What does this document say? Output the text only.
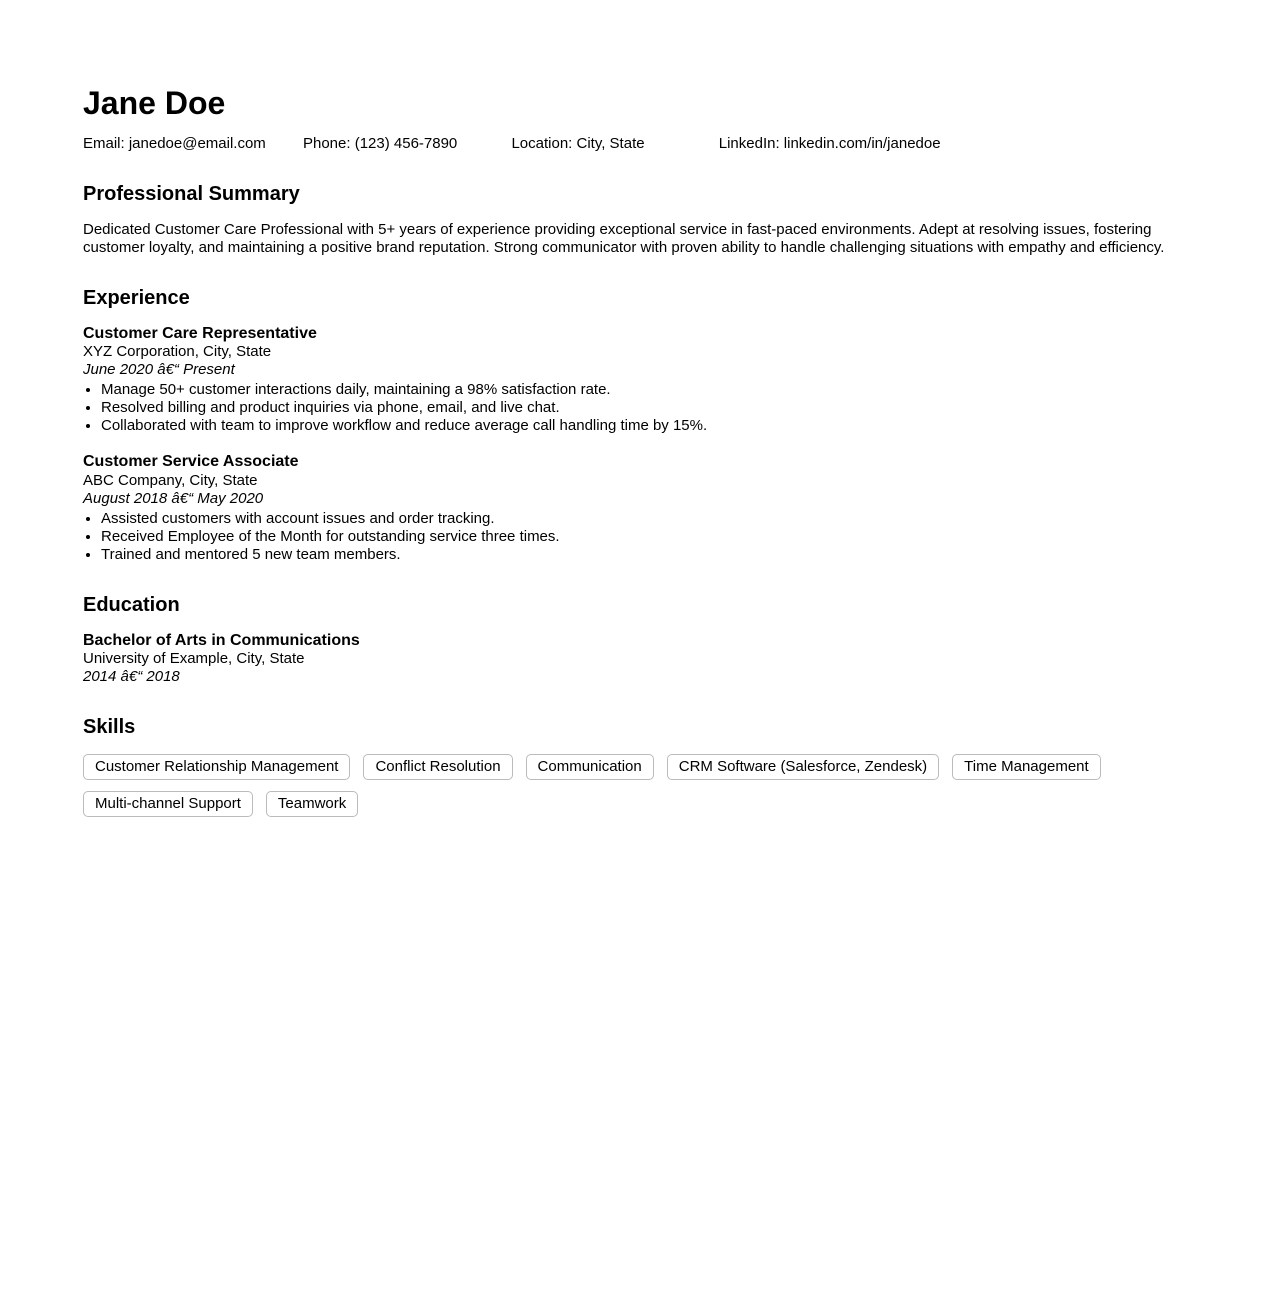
Jane Doe
Email: janedoe@email.com Phone: (123) 456-7890	Location: City, State	LinkedIn: linkedin.com/in/janedoe
Professional Summary

Dedicated Customer Care Professional with 5+ years of experience providing exceptional service in fast-paced environments. Adept at resolving issues, fostering customer loyalty, and maintaining a positive brand reputation. Strong communicator with proven ability to handle challenging situations with empathy and efficiency.

Experience
Customer Care Representative
XYZ Corporation, City, State
June 2020 â€“ Present
• Manage 50+ customer interactions daily, maintaining a 98% satisfaction rate.
• Resolved billing and product inquiries via phone, email, and live chat.
• Collaborated with team to improve workflow and reduce average call handling time by 15%.
Customer Service Associate
ABC Company, City, State
August 2018 â€“ May 2020
• Assisted customers with account issues and order tracking.
• Received Employee of the Month for outstanding service three times.
• Trained and mentored 5 new team members.
Education
Bachelor of Arts in Communications
University of Example, City, State
2014 â€“ 2018
Skills
Customer Relationship Management	Conflict Resolution	Communication	CRM Software (Salesforce, Zendesk)	Time Management
Multi-channel Support	Teamwork
